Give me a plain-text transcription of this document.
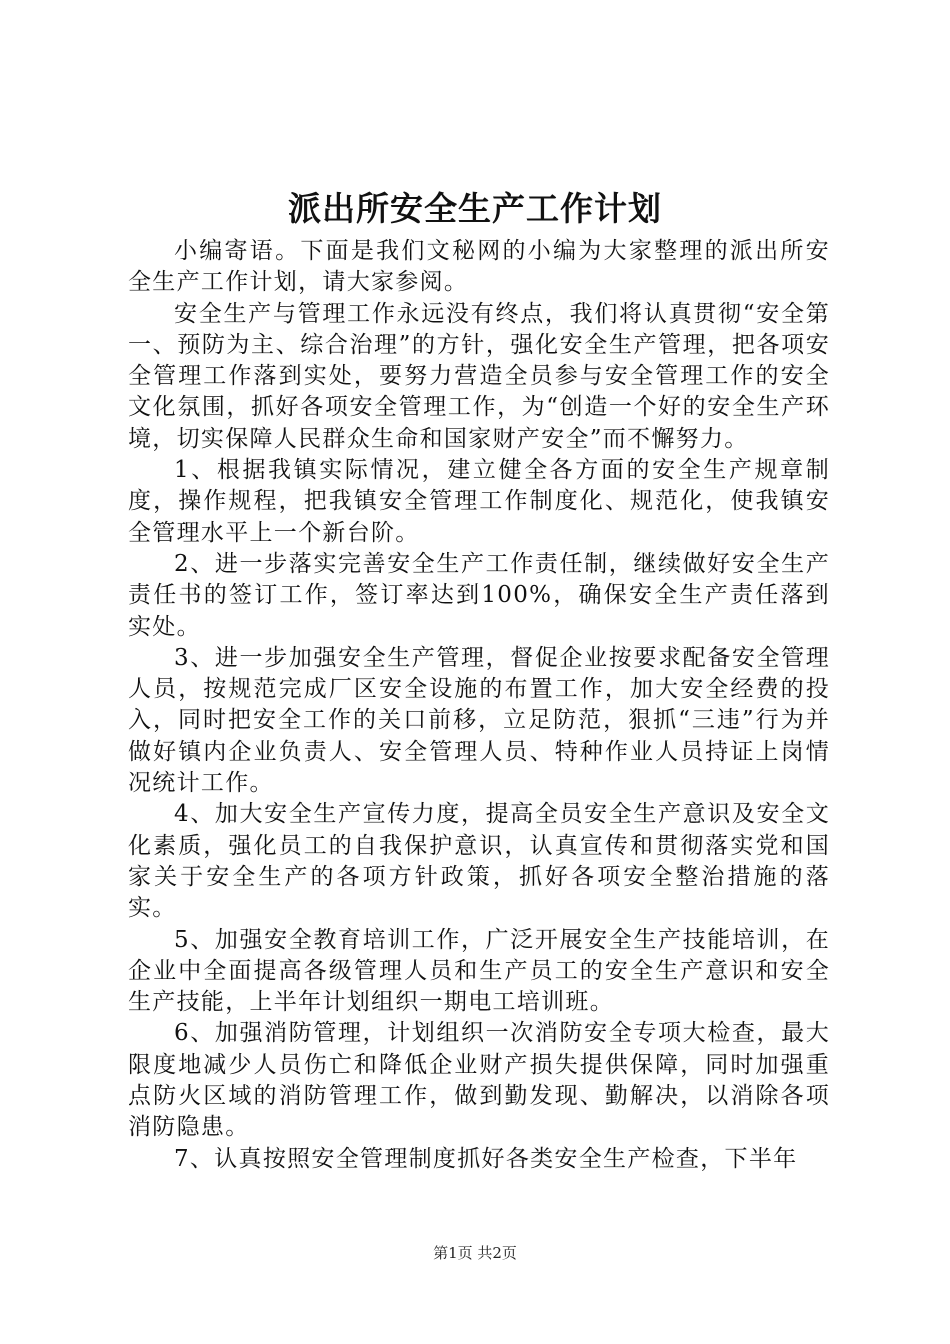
派出所安全生产工作计划

小编寄语。下面是我们文秘网的小编为大家整理的派出所安全生产工作计划，请大家参阅。

安全生产与管理工作永远没有终点，我们将认真贯彻“安全第一、预防为主、综合治理”的方针，强化安全生产管理，把各项安全管理工作落到实处，要努力营造全员参与安全管理工作的安全文化氛围，抓好各项安全管理工作，为“创造一个好的安全生产环境，切实保障人民群众生命和国家财产安全”而不懈努力。

1、根据我镇实际情况，建立健全各方面的安全生产规章制度，操作规程，把我镇安全管理工作制度化、规范化，使我镇安全管理水平上一个新台阶。

2、进一步落实完善安全生产工作责任制，继续做好安全生产责任书的签订工作，签订率达到100%，确保安全生产责任落到实处。

3、进一步加强安全生产管理，督促企业按要求配备安全管理人员，按规范完成厂区安全设施的布置工作，加大安全经费的投入，同时把安全工作的关口前移，立足防范，狠抓“三违”行为并做好镇内企业负责人、安全管理人员、特种作业人员持证上岗情况统计工作。

4、加大安全生产宣传力度，提高全员安全生产意识及安全文化素质，强化员工的自我保护意识，认真宣传和贯彻落实党和国家关于安全生产的各项方针政策，抓好各项安全整治措施的落实。

5、加强安全教育培训工作，广泛开展安全生产技能培训，在企业中全面提高各级管理人员和生产员工的安全生产意识和安全生产技能，上半年计划组织一期电工培训班。

6、加强消防管理，计划组织一次消防安全专项大检查，最大限度地减少人员伤亡和降低企业财产损失提供保障，同时加强重点防火区域的消防管理工作，做到勤发现、勤解决，以消除各项消防隐患。

7、认真按照安全管理制度抓好各类安全生产检查，下半年

第1页 共2页
